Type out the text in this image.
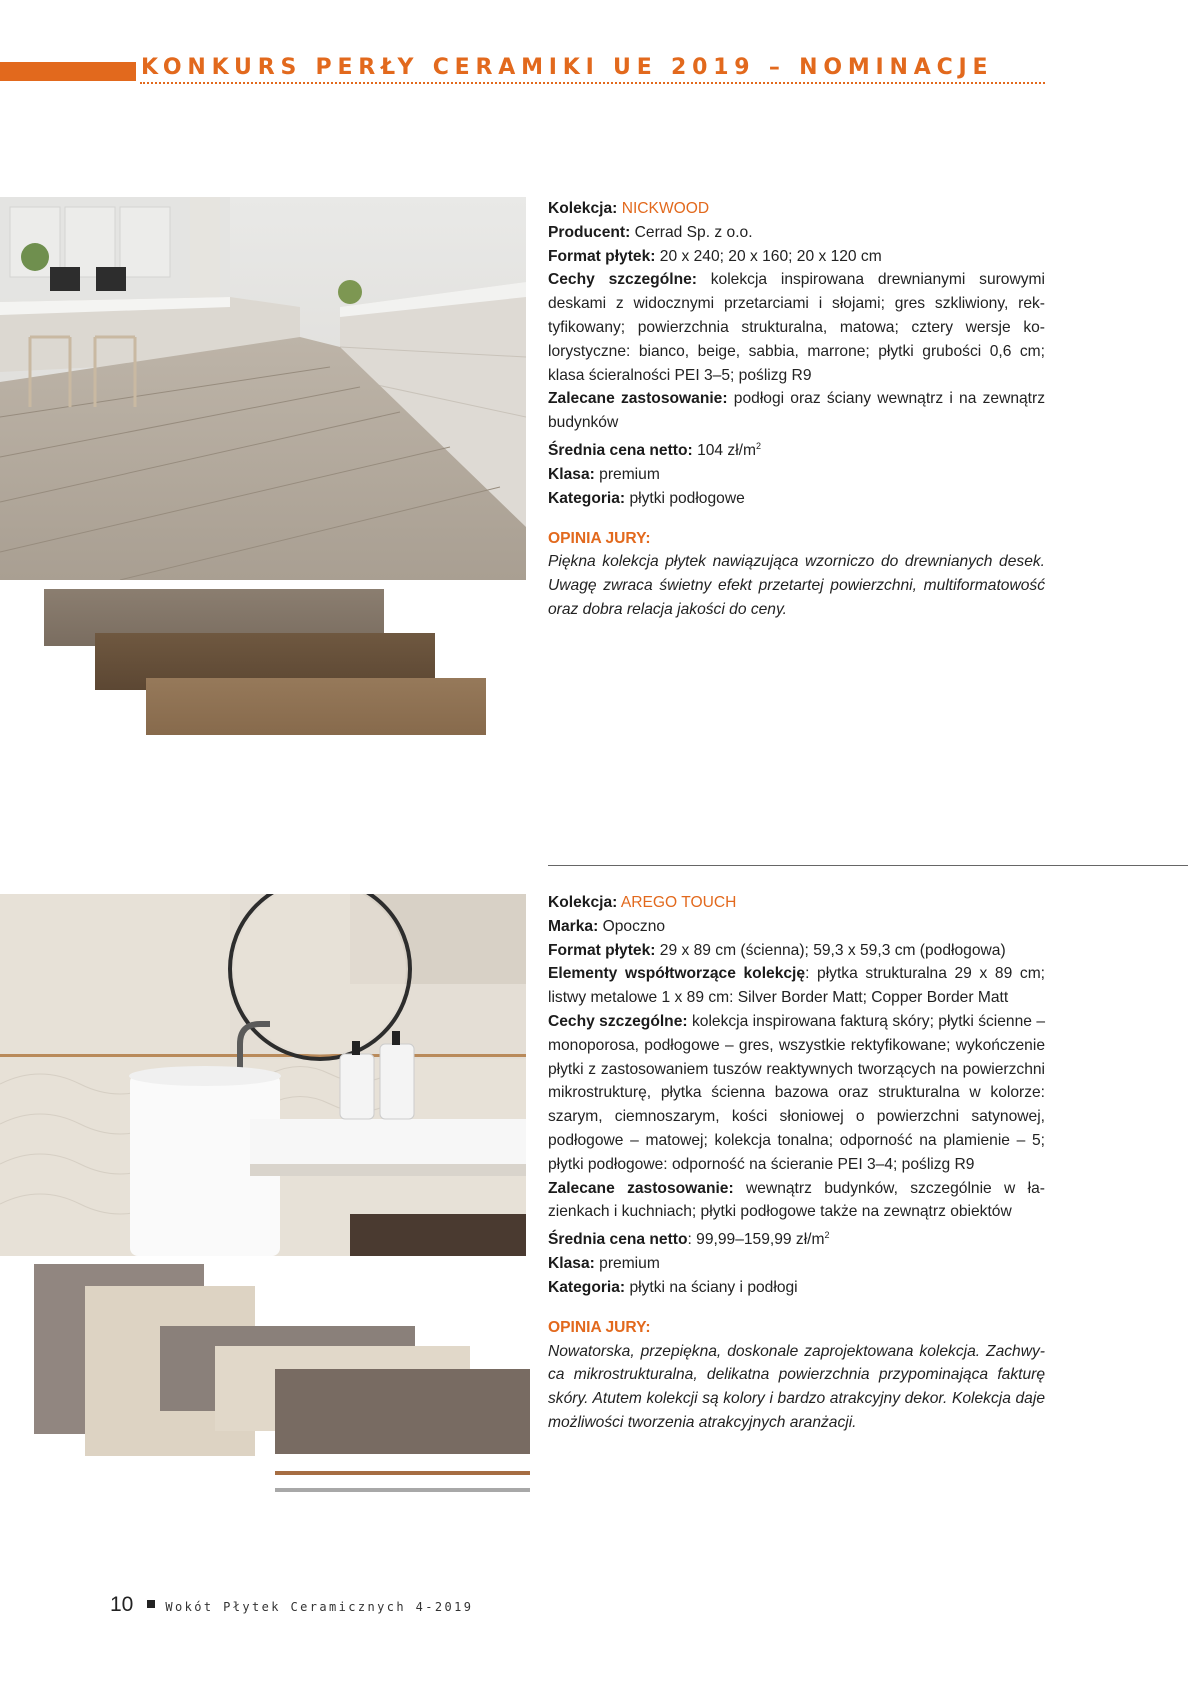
KONKURS PERŁY CERAMIKI UE 2019 – NOMINACJE

Kolekcja: NICKWOOD

Producent: Cerrad Sp. z o.o.

Format płytek: 20 x 240; 20 x 160; 20 x 120 cm

Cechy szczególne: kolekcja inspirowana drewnianymi surowymi deskami z widocznymi przetarciami i słojami; gres szkliwiony, rektyfikowany; powierzchnia strukturalna, matowa; cztery wersje kolorystyczne: bianco, beige, sabbia, marrone; płytki grubości 0,6 cm; klasa ścieralności PEI 3–5; poślizg R9

Zalecane zastosowanie: podłogi oraz ściany wewnątrz i na zewnątrz budynków

Średnia cena netto: 104 $zł/m^2$

Klasa: premium

Kategoria: płytki podłogowe

OPINIA JURY:

Piękna kolekcja płytek nawiązująca wzorniczo do drewnianych desek. Uwagę zwraca świetny efekt przetartej powierzchni, multiformatowość oraz dobra relacja jakości do ceny.

Kolekcja: AREGO TOUCH

Marka: Opoczno

Format płytek: 29 x 89 cm (ścienna); 59,3 x 59,3 cm (podłogowa)

Elementy współtworzące kolekcję: płytka strukturalna 29 x 89 cm; listwy metalowe 1 x 89 cm: Silver Border Matt; Copper Border Matt

Cechy szczególne: kolekcja inspirowana fakturą skóry; płytki ścienne – monoporosa, podłogowe – gres, wszystkie rektyfikowane; wykończenie płytki z zastosowaniem tuszów reaktywnych tworzących na powierzchni mikrostrukturę, płytka ścienna bazowa oraz strukturalna w kolorze: szarym, ciemnoszarym, kości słoniowej o powierzchni satynowej, podłogowe – matowej; kolekcja tonalna; odporność na plamienie – 5; płytki podłogowe: odporność na ścieranie PEI 3–4; poślizg R9

Zalecane zastosowanie: wewnątrz budynków, szczególnie w łazienkach i kuchniach; płytki podłogowe także na zewnątrz obiektów

Średnia cena netto: 99,99–159,99 $zł/m^2$

Klasa: premium

Kategoria: płytki na ściany i podłogi

OPINIA JURY:

Nowatorska, przepiękna, doskonale zaprojektowana kolekcja. Zachwyca mikrostrukturalna, delikatna powierzchnia przypominająca fakturę skóry. Atutem kolekcji są kolory i bardzo atrakcyjny dekor. Kolekcja daje możliwości tworzenia atrakcyjnych aranżacji.

10	Wokót Płytek Ceramicznych 4-2019
